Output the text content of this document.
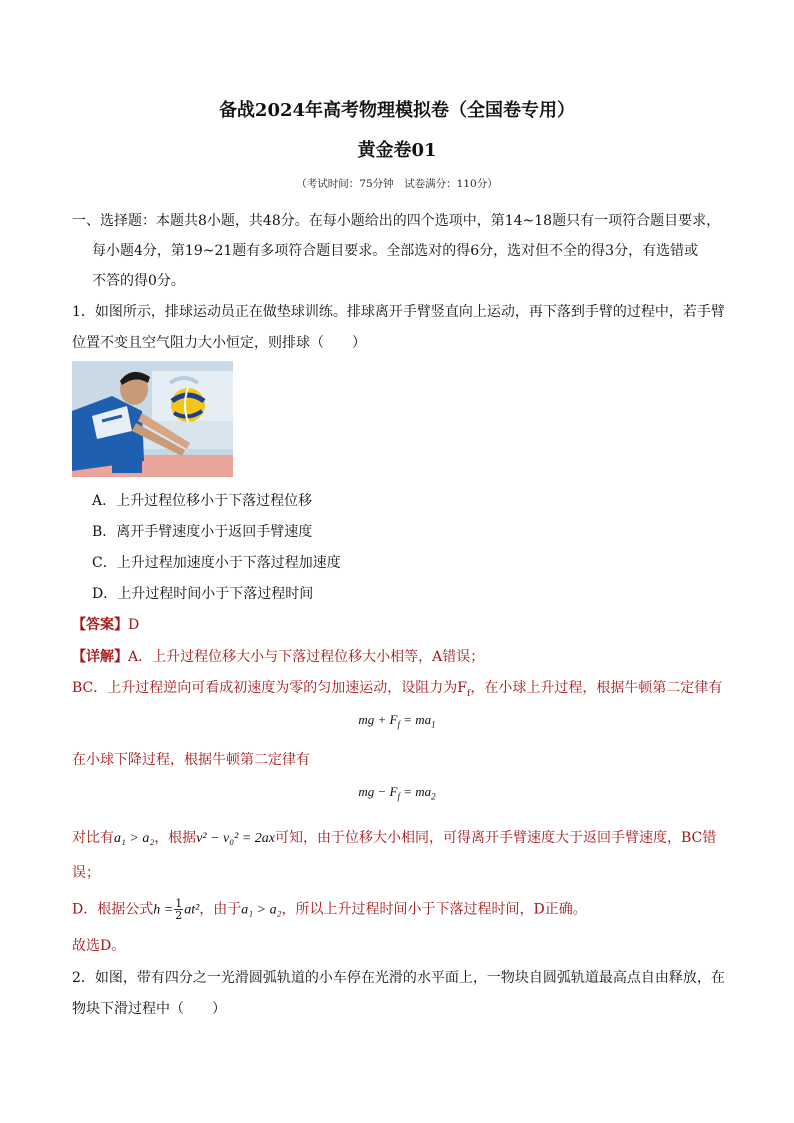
备战2024年高考物理模拟卷（全国卷专用）
黄金卷01
（考试时间：75分钟　试卷满分：110分）
一、选择题：本题共8小题，共48分。在每小题给出的四个选项中，第14~18题只有一项符合题目要求，
每小题4分，第19~21题有多项符合题目要求。全部选对的得6分，选对但不全的得3分，有选错或
不答的得0分。
1．如图所示，排球运动员正在做垫球训练。排球离开手臂竖直向上运动，再下落到手臂的过程中，若手臂
位置不变且空气阻力大小恒定，则排球（　　）
A．上升过程位移小于下落过程位移
B．离开手臂速度小于返回手臂速度
C．上升过程加速度小于下落过程加速度
D．上升过程时间小于下落过程时间
【答案】D
【详解】A．上升过程位移大小与下落过程位移大小相等，A错误；
BC．上升过程逆向可看成初速度为零的匀加速运动，设阻力为$F_f$，在小球上升过程，根据牛顿第二定律有
mg + $F_f = ma_1$
在小球下降过程，根据牛顿第二定律有
mg − $F_f = ma_2$
对比有a₁ > a₂，根据v² − v₀² = 2ax可知，由于位移大小相同，可得离开手臂速度大于返回手臂速度，BC错
误；
D．根据公式$h = \frac{1}{2} at^2$，由于a₁ > a₂，所以上升过程时间小于下落过程时间，D正确。
故选D。
2．如图，带有四分之一光滑圆弧轨道的小车停在光滑的水平面上，一物块自圆弧轨道最高点自由释放，在
物块下滑过程中（　　）
